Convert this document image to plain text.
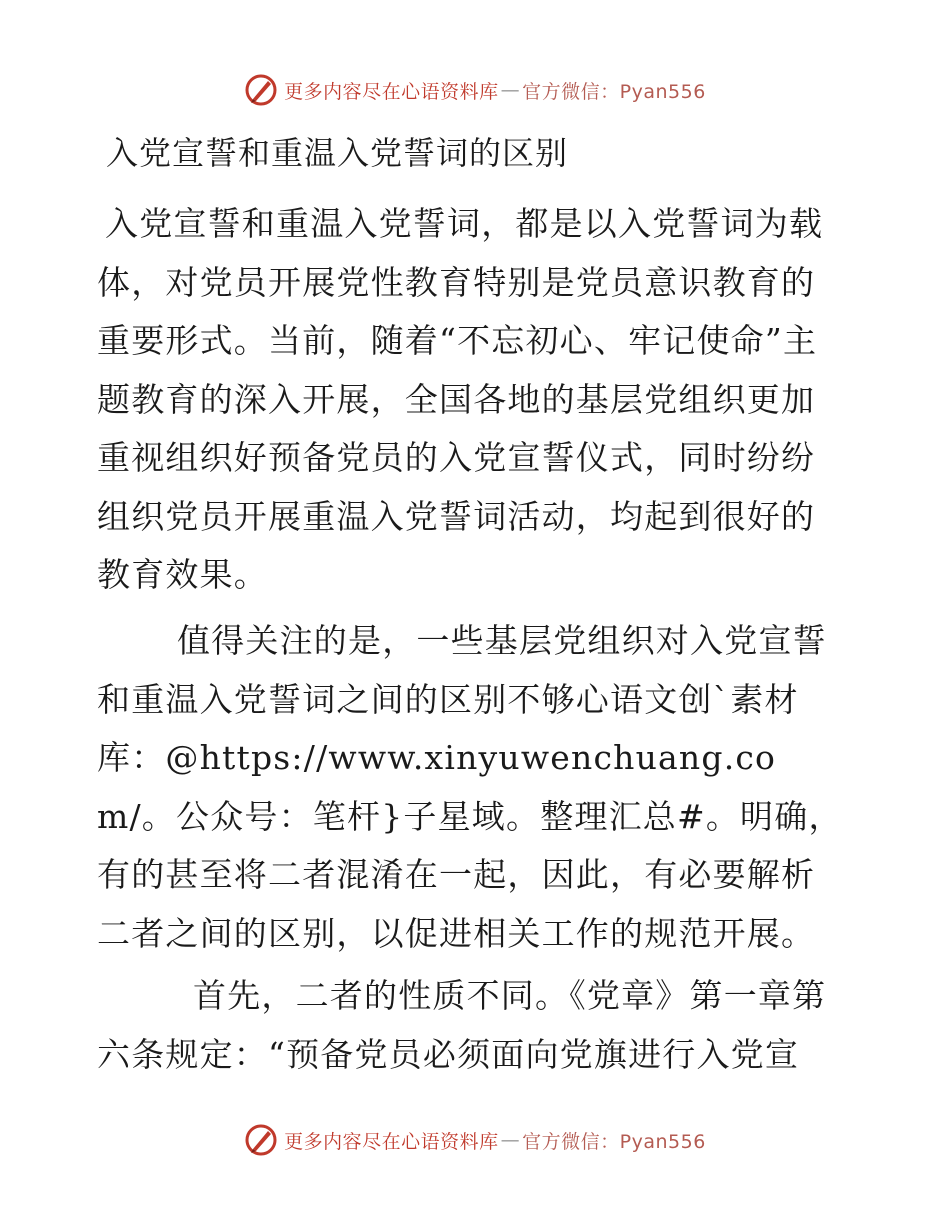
更多内容尽在心语资料库 — 官方微信：Pyan556
入党宣誓和重温入党誓词的区别

入党宣誓和重温入党誓词，都是以入党誓词为载体，对党员开展党性教育特别是党员意识教育的重要形式。当前，随着“不忘初心、牢记使命”主题教育的深入开展，全国各地的基层党组织更加重视组织好预备党员的入党宣誓仪式，同时纷纷组织党员开展重温入党誓词活动，均起到很好的教育效果。

值得关注的是，一些基层党组织对入党宣誓和重温入党誓词之间的区别不够心语文创`素材库：@https://www.xinyuwenchuang.com/。公众号：笔杆}子星域。整理汇总#。明确，有的甚至将二者混淆在一起，因此，有必要解析二者之间的区别，以促进相关工作的规范开展。

首先，二者的性质不同。《党章》第一章第六条规定：“预备党员必须面向党旗进行入党宣

更多内容尽在心语资料库 — 官方微信：Pyan556
